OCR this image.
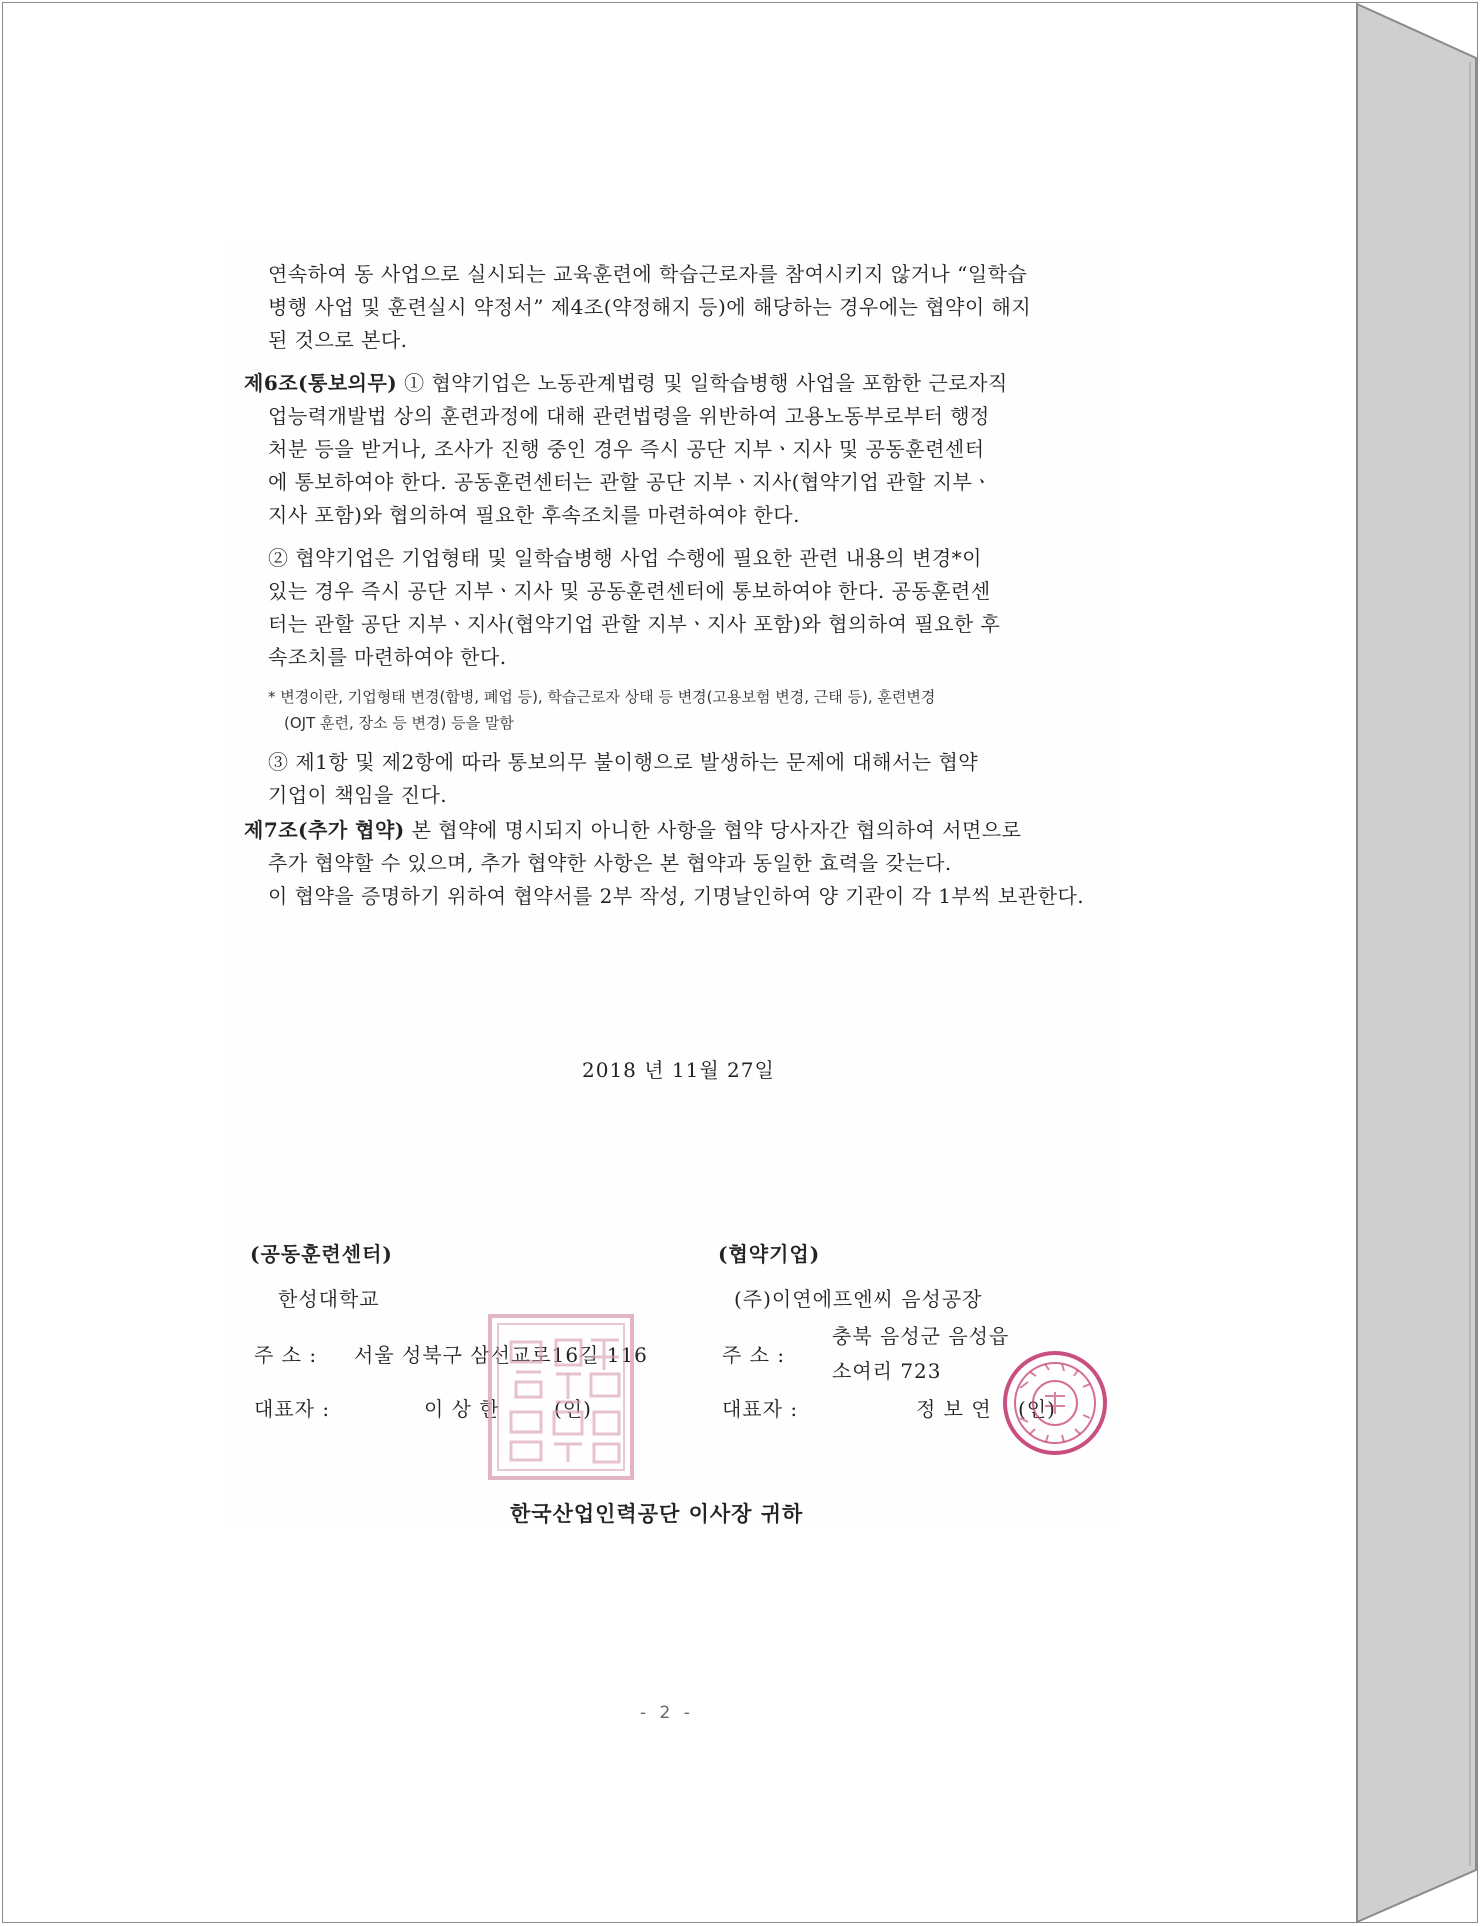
연속하여 동 사업으로 실시되는 교육훈련에 학습근로자를 참여시키지 않거나 “일학습
병행 사업 및 훈련실시 약정서” 제4조(약정해지 등)에 해당하는 경우에는 협약이 해지
된 것으로 본다.
제6조(통보의무) ① 협약기업은 노동관계법령 및 일학습병행 사업을 포함한 근로자직
업능력개발법 상의 훈련과정에 대해 관련법령을 위반하여 고용노동부로부터 행정
처분 등을 받거나, 조사가 진행 중인 경우 즉시 공단 지부ㆍ지사 및 공동훈련센터
에 통보하여야 한다. 공동훈련센터는 관할 공단 지부ㆍ지사(협약기업 관할 지부ㆍ
지사 포함)와 협의하여 필요한 후속조치를 마련하여야 한다.
② 협약기업은 기업형태 및 일학습병행 사업 수행에 필요한 관련 내용의 변경*이
있는 경우 즉시 공단 지부ㆍ지사 및 공동훈련센터에 통보하여야 한다. 공동훈련센
터는 관할 공단 지부ㆍ지사(협약기업 관할 지부ㆍ지사 포함)와 협의하여 필요한 후
속조치를 마련하여야 한다.
* 변경이란, 기업형태 변경(합병, 폐업 등), 학습근로자 상태 등 변경(고용보험 변경, 근태 등), 훈련변경
(OJT 훈련, 장소 등 변경) 등을 말함
③ 제1항 및 제2항에 따라 통보의무 불이행으로 발생하는 문제에 대해서는 협약
기업이 책임을 진다.
제7조(추가 협약) 본 협약에 명시되지 아니한 사항을 협약 당사자간 협의하여 서면으로
추가 협약할 수 있으며, 추가 협약한 사항은 본 협약과 동일한 효력을 갖는다.
이 협약을 증명하기 위하여 협약서를 2부 작성, 기명날인하여 양 기관이 각 1부씩 보관한다.
2018 년 11월 27일
(공동훈련센터)
한성대학교
주 소 : 서울 성북구 삼선교로16길 116
대표자 :	이 상 한	(인)
(협약기업)
(주)이연에프엔씨 음성공장
주 소 :
충북 음성군 음성읍
소여리 723
대표자 :	정 보 연 (인)
한국산업인력공단 이사장 귀하
- 2 -
